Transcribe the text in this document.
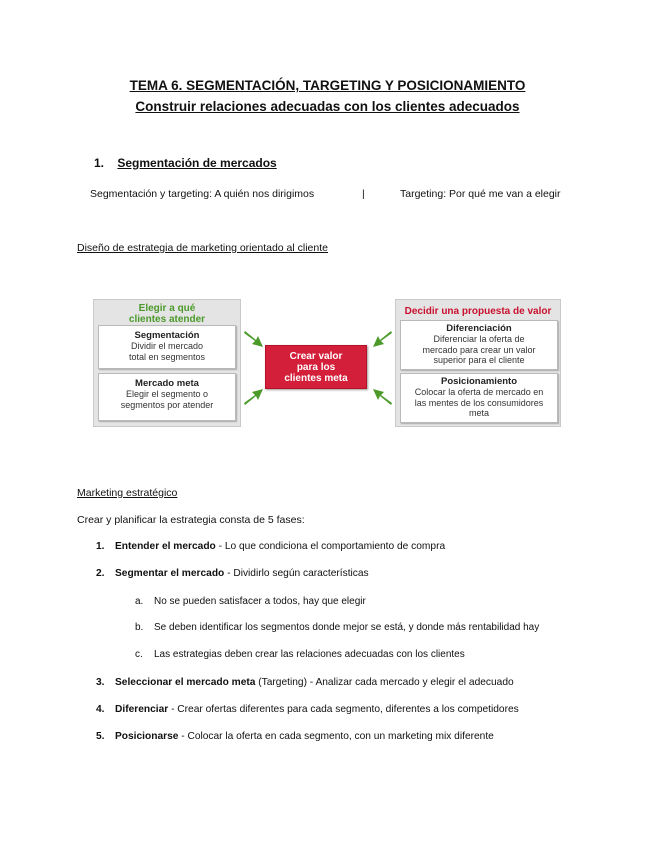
TEMA 6. SEGMENTACIÓN, TARGETING Y POSICIONAMIENTO
Construir relaciones adecuadas con los clientes adecuados
1. Segmentación de mercados
Segmentación y targeting: A quién nos dirigimos	|	Targeting: Por qué me van a elegir
Diseño de estrategia de marketing orientado al cliente
Elegir a qué clientes atender
Segmentación
Dividir el mercado total en segmentos
Mercado meta
Elegir el segmento o segmentos por atender
Crear valor para los clientes meta
Decidir una propuesta de valor
Diferenciación
Diferenciar la oferta de mercado para crear un valor superior para el cliente
Posicionamiento
Colocar la oferta de mercado en las mentes de los consumidores meta
Marketing estratégico
Crear y planificar la estrategia consta de 5 fases:
1. Entender el mercado - Lo que condiciona el comportamiento de compra
2. Segmentar el mercado - Dividirlo según características
a. No se pueden satisfacer a todos, hay que elegir
b. Se deben identificar los segmentos donde mejor se está, y donde más rentabilidad hay
c. Las estrategias deben crear las relaciones adecuadas con los clientes
3. Seleccionar el mercado meta (Targeting) - Analizar cada mercado y elegir el adecuado
4. Diferenciar - Crear ofertas diferentes para cada segmento, diferentes a los competidores
5. Posicionarse - Colocar la oferta en cada segmento, con un marketing mix diferente
